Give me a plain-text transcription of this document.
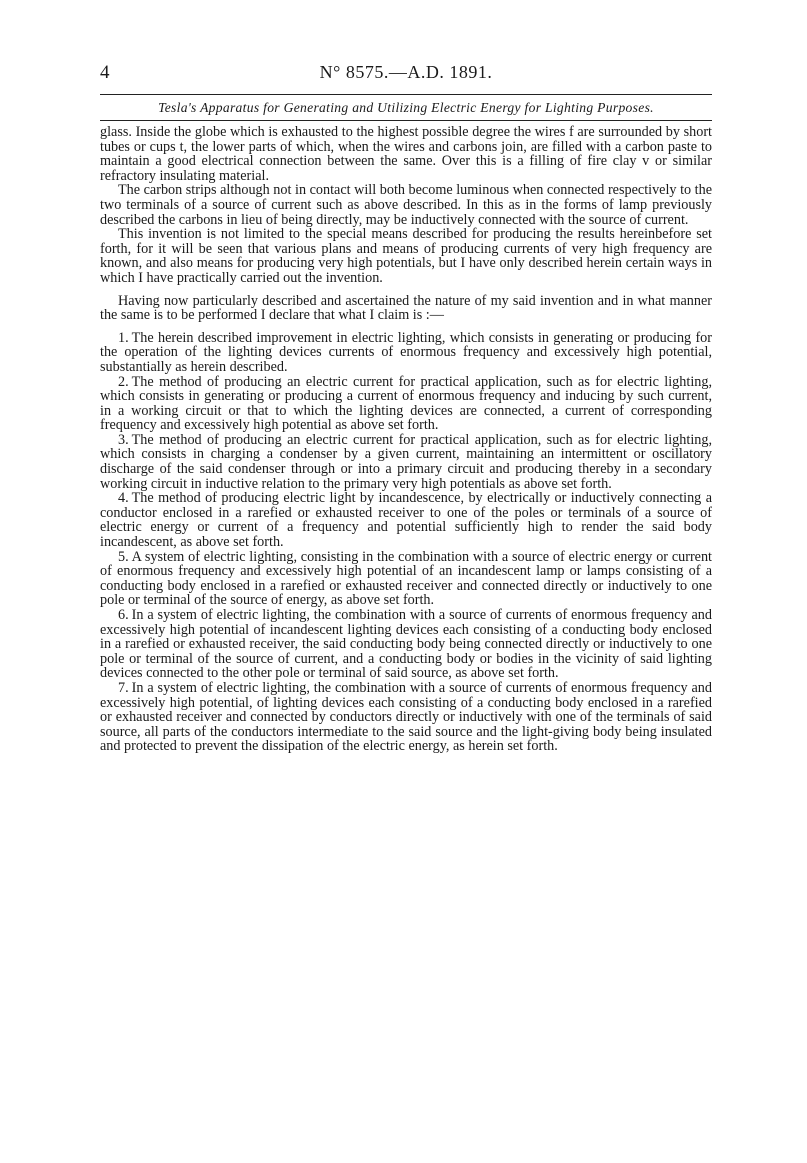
4	N° 8575.—A.D. 1891.
Tesla's Apparatus for Generating and Utilizing Electric Energy for Lighting Purposes.

glass. Inside the globe which is exhausted to the highest possible degree the wires f are surrounded by short tubes or cups t, the lower parts of which, when the wires and carbons join, are filled with a carbon paste to maintain a good electrical connection between the same. Over this is a filling of fire clay v or similar refractory insulating material.

The carbon strips although not in contact will both become luminous when connected respectively to the two terminals of a source of current such as above described. In this as in the forms of lamp previously described the carbons in lieu of being directly, may be inductively connected with the source of current.

This invention is not limited to the special means described for producing the results hereinbefore set forth, for it will be seen that various plans and means of producing currents of very high frequency are known, and also means for producing very high potentials, but I have only described herein certain ways in which I have practically carried out the invention.

Having now particularly described and ascertained the nature of my said invention and in what manner the same is to be performed I declare that what I claim is :—

1. The herein described improvement in electric lighting, which consists in generating or producing for the operation of the lighting devices currents of enormous frequency and excessively high potential, substantially as herein described.

2. The method of producing an electric current for practical application, such as for electric lighting, which consists in generating or producing a current of enormous frequency and inducing by such current, in a working circuit or that to which the lighting devices are connected, a current of corresponding frequency and excessively high potential as above set forth.

3. The method of producing an electric current for practical application, such as for electric lighting, which consists in charging a condenser by a given current, maintaining an intermittent or oscillatory discharge of the said condenser through or into a primary circuit and producing thereby in a secondary working circuit in inductive relation to the primary very high potentials as above set forth.

4. The method of producing electric light by incandescence, by electrically or inductively connecting a conductor enclosed in a rarefied or exhausted receiver to one of the poles or terminals of a source of electric energy or current of a frequency and potential sufficiently high to render the said body incandescent, as above set forth.

5. A system of electric lighting, consisting in the combination with a source of electric energy or current of enormous frequency and excessively high potential of an incandescent lamp or lamps consisting of a conducting body enclosed in a rarefied or exhausted receiver and connected directly or inductively to one pole or terminal of the source of energy, as above set forth.

6. In a system of electric lighting, the combination with a source of currents of enormous frequency and excessively high potential of incandescent lighting devices each consisting of a conducting body enclosed in a rarefied or exhausted receiver, the said conducting body being connected directly or inductively to one pole or terminal of the source of current, and a conducting body or bodies in the vicinity of said lighting devices connected to the other pole or terminal of said source, as above set forth.

7. In a system of electric lighting, the combination with a source of currents of enormous frequency and excessively high potential, of lighting devices each consisting of a conducting body enclosed in a rarefied or exhausted receiver and connected by conductors directly or inductively with one of the terminals of said source, all parts of the conductors intermediate to the said source and the light-giving body being insulated and protected to prevent the dissipation of the electric energy, as herein set forth.
